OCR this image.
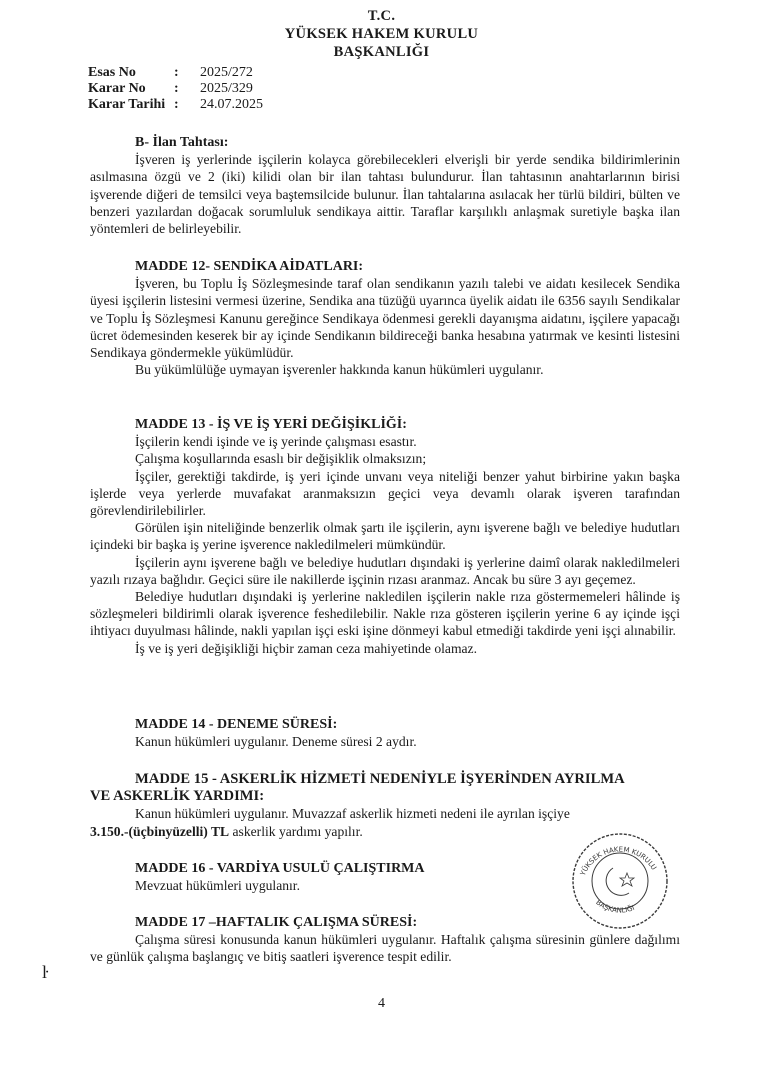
T.C.
YÜKSEK HAKEM KURULU
BAŞKANLIĞI
Esas No	:	2025/272
Karar No	:	2025/329
Karar Tarihi :	24.07.2025

B- İlan Tahtası:

İşveren iş yerlerinde işçilerin kolayca görebilecekleri elverişli bir yerde sendika bildirimlerinin asılmasına özgü ve 2 (iki) kilidi olan bir ilan tahtası bulundurur. İlan tahtasının anahtarlarının birisi işverende diğeri de temsilci veya baştemsilcide bulunur. İlan tahtalarına asılacak her türlü bildiri, bülten ve benzeri yazılardan doğacak sorumluluk sendikaya aittir. Taraflar karşılıklı anlaşmak suretiyle başka ilan yöntemleri de belirleyebilir.

MADDE 12- SENDİKA AİDATLARI:

İşveren, bu Toplu İş Sözleşmesinde taraf olan sendikanın yazılı talebi ve aidatı kesilecek Sendika üyesi işçilerin listesini vermesi üzerine, Sendika ana tüzüğü uyarınca üyelik aidatı ile 6356 sayılı Sendikalar ve Toplu İş Sözleşmesi Kanunu gereğince Sendikaya ödenmesi gerekli dayanışma aidatını, işçilere yapacağı ücret ödemesinden keserek bir ay içinde Sendikanın bildireceği banka hesabına yatırmak ve kesinti listesini Sendikaya göndermekle yükümlüdür.

Bu yükümlülüğe uymayan işverenler hakkında kanun hükümleri uygulanır.

MADDE 13 - İŞ VE İŞ YERİ DEĞİŞİKLİĞİ:

İşçilerin kendi işinde ve iş yerinde çalışması esastır.

Çalışma koşullarında esaslı bir değişiklik olmaksızın;

İşçiler, gerektiği takdirde, iş yeri içinde unvanı veya niteliği benzer yahut birbirine yakın başka işlerde veya yerlerde muvafakat aranmaksızın geçici veya devamlı olarak işveren tarafından görevlendirilebilirler.

Görülen işin niteliğinde benzerlik olmak şartı ile işçilerin, aynı işverene bağlı ve belediye hudutları içindeki bir başka iş yerine işverence nakledilmeleri mümkündür.

İşçilerin aynı işverene bağlı ve belediye hudutları dışındaki iş yerlerine daimî olarak nakledilmeleri yazılı rızaya bağlıdır. Geçici süre ile nakillerde işçinin rızası aranmaz. Ancak bu süre 3 ayı geçemez.

Belediye hudutları dışındaki iş yerlerine nakledilen işçilerin nakle rıza göstermemeleri hâlinde iş sözleşmeleri bildirimli olarak işverence feshedilebilir. Nakle rıza gösteren işçilerin yerine 6 ay içinde işçi ihtiyacı duyulması hâlinde, nakli yapılan işçi eski işine dönmeyi kabul etmediği takdirde yeni işçi alınabilir.

İş ve iş yeri değişikliği hiçbir zaman ceza mahiyetinde olamaz.

MADDE 14 - DENEME SÜRESİ:

Kanun hükümleri uygulanır. Deneme süresi 2 aydır.

MADDE 15 - ASKERLİK HİZMETİ NEDENİYLE İŞYERİNDEN AYRILMA

VE ASKERLİK YARDIMI:

Kanun hükümleri uygulanır. Muvazzaf askerlik hizmeti nedeni ile ayrılan işçiye
3.150.-(üçbinyüzelli) TL askerlik yardımı yapılır.

MADDE 16 - VARDİYA USULÜ ÇALIŞTIRMA

Mevzuat hükümleri uygulanır.

MADDE 17 –HAFTALIK ÇALIŞMA SÜRESİ:

Çalışma süresi konusunda kanun hükümleri uygulanır. Haftalık çalışma süresinin günlere dağılımı ve günlük çalışma başlangıç ve bitiş saatleri işverence tespit edilir.

YÜKSEK HAKEM KURULU
BAŞKANLIĞI
ŀ
4
